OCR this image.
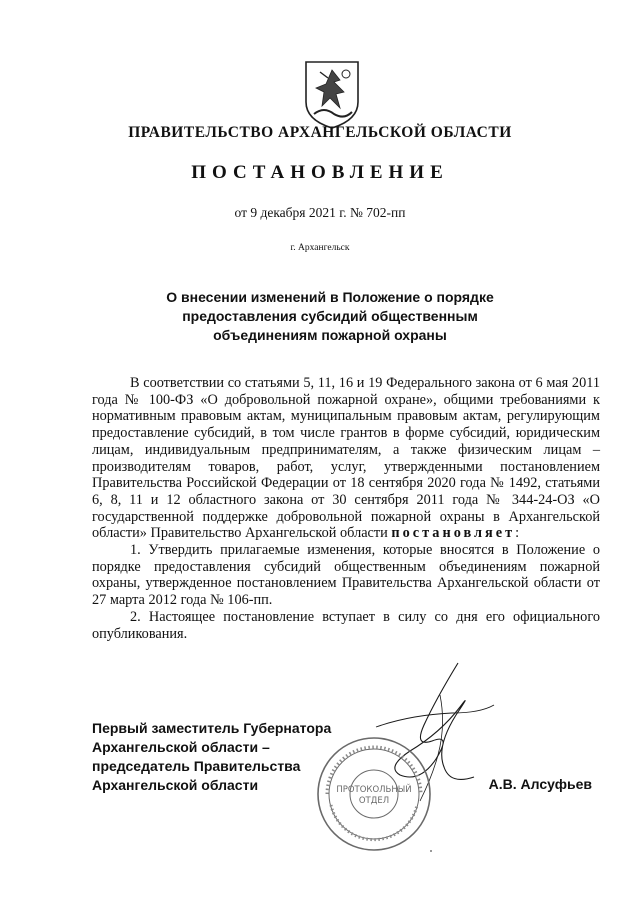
ПРАВИТЕЛЬСТВО АРХАНГЕЛЬСКОЙ ОБЛАСТИ
ПОСТАНОВЛЕНИЕ
от 9 декабря 2021 г. № 702-пп
г. Архангельск
О внесении изменений в Положение о порядке
предоставления субсидий общественным
объединениям пожарной охраны

В соответствии со статьями 5, 11, 16 и 19 Федерального закона от 6 мая 2011 года № 100-ФЗ «О добровольной пожарной охране», общими требованиями к нормативным правовым актам, муниципальным правовым актам, регулирующим предоставление субсидий, в том числе грантов в форме субсидий, юридическим лицам, индивидуальным предпринимателям, а также физическим лицам – производителям товаров, работ, услуг, утвержденными постановлением Правительства Российской Федерации от 18 сентября 2020 года № 1492, статьями 6, 8, 11 и 12 областного закона от 30 сентября 2011 года № 344-24-ОЗ «О государственной поддержке добровольной пожарной охраны в Архангельской области» Правительство Архангельской области постановляет:

1. Утвердить прилагаемые изменения, которые вносятся в Положение о порядке предоставления субсидий общественным объединениям пожарной охраны, утвержденное постановлением Правительства Архангельской области от 27 марта 2012 года № 106-пп.

2. Настоящее постановление вступает в силу со дня его официального опубликования.

Первый заместитель Губернатора
Архангельской области –
председатель Правительства
Архангельской области	А.В. Алсуфьев
ПРОТОКОЛЬНЫЙ
ОТДЕЛ
